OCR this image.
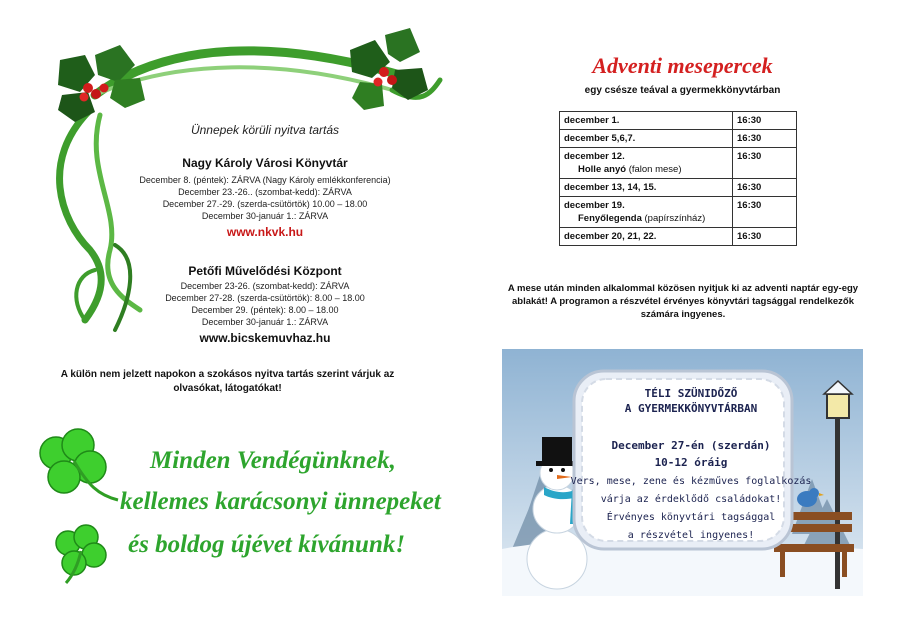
Ünnepek körüli nyitva tartás
Nagy Károly Városi Könyvtár
December 8. (péntek): ZÁRVA (Nagy Károly emlékkonferencia)
December 23.-26.. (szombat-kedd): ZÁRVA
December 27.-29. (szerda-csütörtök) 10.00 – 18.00
December 30-január 1.: ZÁRVA
www.nkvk.hu
Petőfi Művelődési Központ
December 23-26. (szombat-kedd): ZÁRVA
December 27-28. (szerda-csütörtök): 8.00 – 18.00
December 29. (péntek): 8.00 – 18.00
December 30-január 1.: ZÁRVA
www.bicskemuvhaz.hu
A külön nem jelzett napokon a szokásos nyitva tartás szerint várjuk az olvasókat, látogatókat!
Minden Vendégünknek,
kellemes karácsonyi ünnepeket
és boldog újévet kívánunk!
Adventi mesepercek
egy csésze teával a gyermekkönyvtárban
december 1.	16:30
december 5,6,7.	16:30

december 12.
Holle anyó (falon mese)	16:30
december 13, 14, 15.	16:30

december 19.
Fenyőlegenda (papírszínház)	16:30
december 20, 21, 22.	16:30
A mese után minden alkalommal közösen nyitjuk ki az adventi naptár egy-egy ablakát! A programon a részvétel érvényes könyvtári tagsággal rendelkezők számára ingyenes.
TÉLI SZÜNIDŐZŐ
A GYERMEKKÖNYVTÁRBAN
December 27-én (szerdán)
10-12 óráig
Vers, mese, zene és kézműves foglalkozás
várja az érdeklődő családokat!
Érvényes könyvtári tagsággal
a részvétel ingyenes!
